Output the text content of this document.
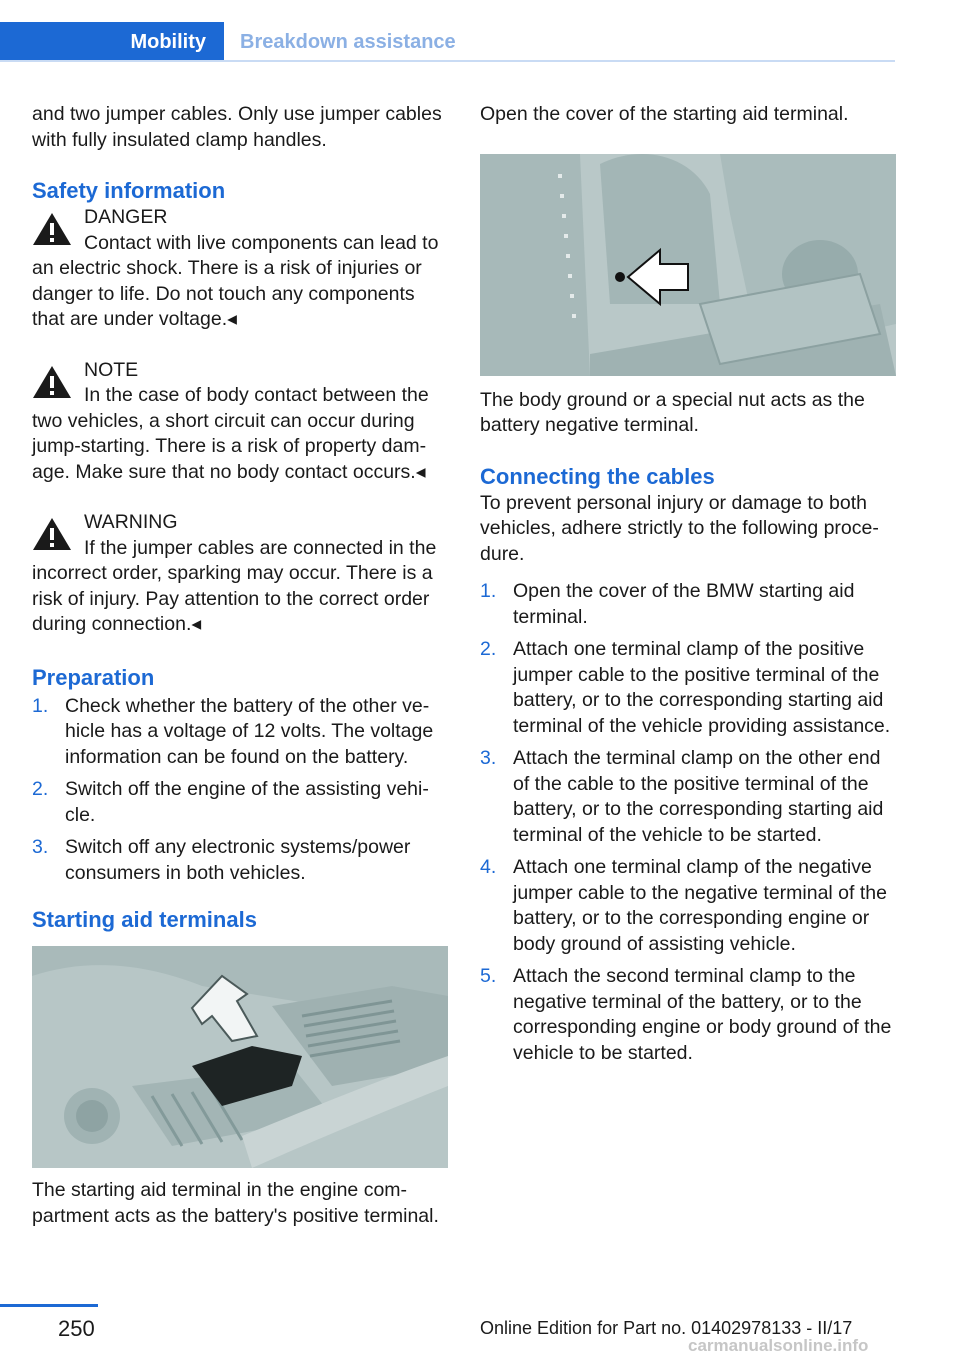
Mobility	Breakdown assistance

and two jumper cables. Only use jumper cables with fully insulated clamp handles.

Safety information
DANGER
Contact with live components can lead to an electric shock. There is a risk of injuries or danger to life. Do not touch any components that are under voltage.◂
NOTE
In the case of body contact between the two vehicles, a short circuit can occur during jump-starting. There is a risk of property damage. Make sure that no body contact occurs.◂
WARNING
If the jumper cables are connected in the incorrect order, sparking may occur. There is a risk of injury. Pay attention to the correct order during connection.◂
Preparation
1. Check whether the battery of the other vehicle has a voltage of 12 volts. The voltage information can be found on the battery.
2. Switch off the engine of the assisting vehicle.
3. Switch off any electronic systems/power consumers in both vehicles.
Starting aid terminals

The starting aid terminal in the engine compartment acts as the battery's positive terminal.

Open the cover of the starting aid terminal.

The body ground or a special nut acts as the battery negative terminal.

Connecting the cables

To prevent personal injury or damage to both vehicles, adhere strictly to the following procedure.

1. Open the cover of the BMW starting aid terminal.
2. Attach one terminal clamp of the positive jumper cable to the positive terminal of the battery, or to the corresponding starting aid terminal of the vehicle providing assistance.
3. Attach the terminal clamp on the other end of the cable to the positive terminal of the battery, or to the corresponding starting aid terminal of the vehicle to be started.
4. Attach one terminal clamp of the negative jumper cable to the negative terminal of the battery, or to the corresponding engine or body ground of assisting vehicle.
5. Attach the second terminal clamp to the negative terminal of the battery, or to the corresponding engine or body ground of the vehicle to be started.
250	Online Edition for Part no. 01402978133 - II/17
carmanualsonline.info
